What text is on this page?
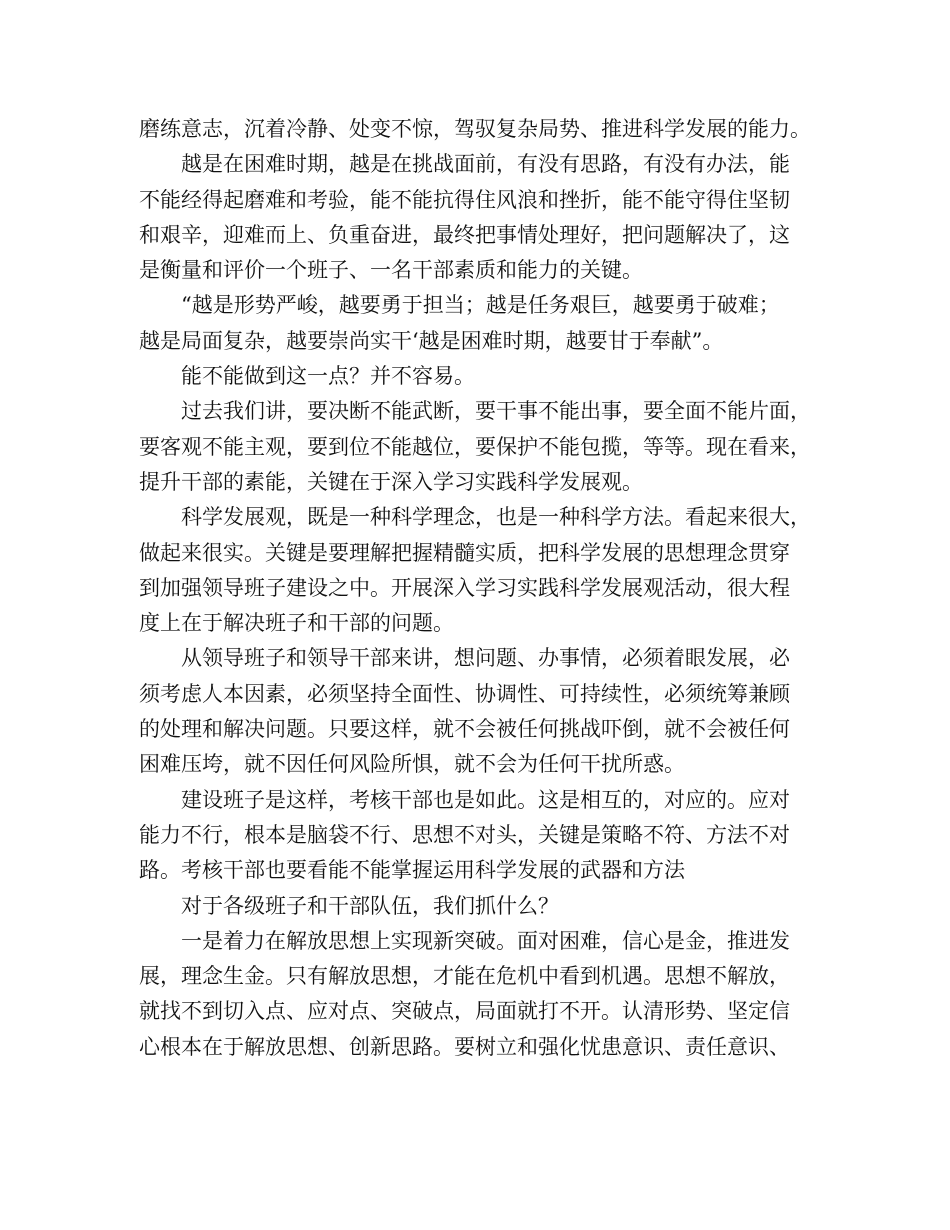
磨练意志，沉着冷静、处变不惊，驾驭复杂局势、推进科学发展的能力。
越是在困难时期，越是在挑战面前，有没有思路，有没有办法，能
不能经得起磨难和考验，能不能抗得住风浪和挫折，能不能守得住坚韧
和艰辛，迎难而上、负重奋进，最终把事情处理好，把问题解决了，这
是衡量和评价一个班子、一名干部素质和能力的关键。
“越是形势严峻，越要勇于担当；越是任务艰巨，越要勇于破难；
越是局面复杂，越要崇尚实干‘越是困难时期，越要甘于奉献”。
能不能做到这一点？并不容易。
过去我们讲，要决断不能武断，要干事不能出事，要全面不能片面，
要客观不能主观，要到位不能越位，要保护不能包揽，等等。现在看来，
提升干部的素能，关键在于深入学习实践科学发展观。
科学发展观，既是一种科学理念，也是一种科学方法。看起来很大，
做起来很实。关键是要理解把握精髓实质，把科学发展的思想理念贯穿
到加强领导班子建设之中。开展深入学习实践科学发展观活动，很大程
度上在于解决班子和干部的问题。
从领导班子和领导干部来讲，想问题、办事情，必须着眼发展，必
须考虑人本因素，必须坚持全面性、协调性、可持续性，必须统筹兼顾
的处理和解决问题。只要这样，就不会被任何挑战吓倒，就不会被任何
困难压垮，就不因任何风险所惧，就不会为任何干扰所惑。
建设班子是这样，考核干部也是如此。这是相互的，对应的。应对
能力不行，根本是脑袋不行、思想不对头，关键是策略不符、方法不对
路。考核干部也要看能不能掌握运用科学发展的武器和方法
对于各级班子和干部队伍，我们抓什么？
一是着力在解放思想上实现新突破。面对困难，信心是金，推进发
展，理念生金。只有解放思想，才能在危机中看到机遇。思想不解放，
就找不到切入点、应对点、突破点，局面就打不开。认清形势、坚定信
心根本在于解放思想、创新思路。要树立和强化忧患意识、责任意识、
